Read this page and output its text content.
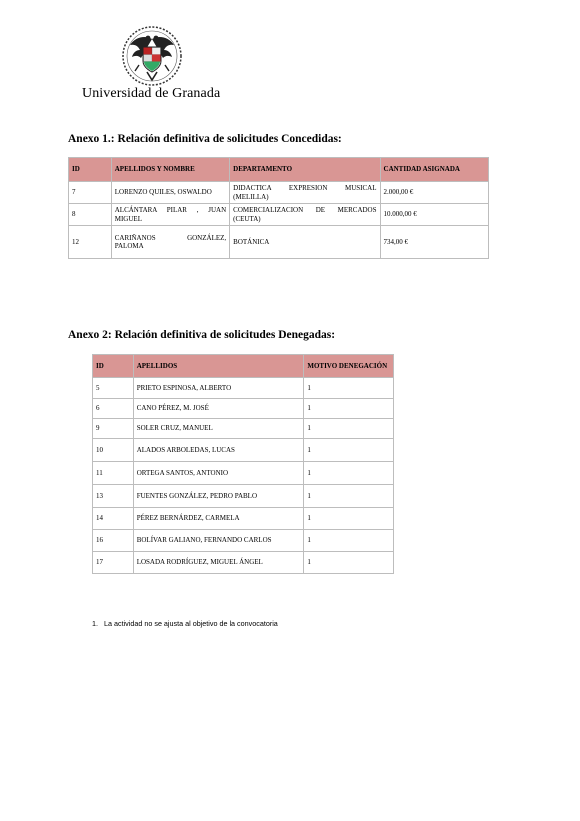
Universidad de Granada
Anexo 1.: Relación definitiva de solicitudes Concedidas:
ID	APELLIDOS Y NOMBRE	DEPARTAMENTO	CANTIDAD ASIGNADA
7	LORENZO QUILES, OSWALDO	DIDACTICA EXPRESION MUSICAL (MELILLA)	2.000,00 €
8	ALCÁNTARA PILAR , JUAN MIGUEL	COMERCIALIZACION DE MERCADOS (CEUTA)	10.000,00 €
12	CARIÑANOS GONZÁLEZ, PALOMA	BOTÁNICA	734,00 €
Anexo 2: Relación definitiva de solicitudes Denegadas:
ID	APELLIDOS	MOTIVO DENEGACIÓN
5	PRIETO ESPINOSA, ALBERTO	1
6	CANO PÉREZ, M. JOSÉ	1
9	SOLER CRUZ, MANUEL	1
10	ALADOS ARBOLEDAS, LUCAS	1
11	ORTEGA SANTOS, ANTONIO	1
13	FUENTES GONZÁLEZ, PEDRO PABLO	1
14	PÉREZ BERNÁRDEZ, CARMELA	1
16	BOLÍVAR GALIANO, FERNANDO CARLOS	1
17	LOSADA RODRÍGUEZ, MIGUEL ÁNGEL	1
1. La actividad no se ajusta al objetivo de la convocatoria
